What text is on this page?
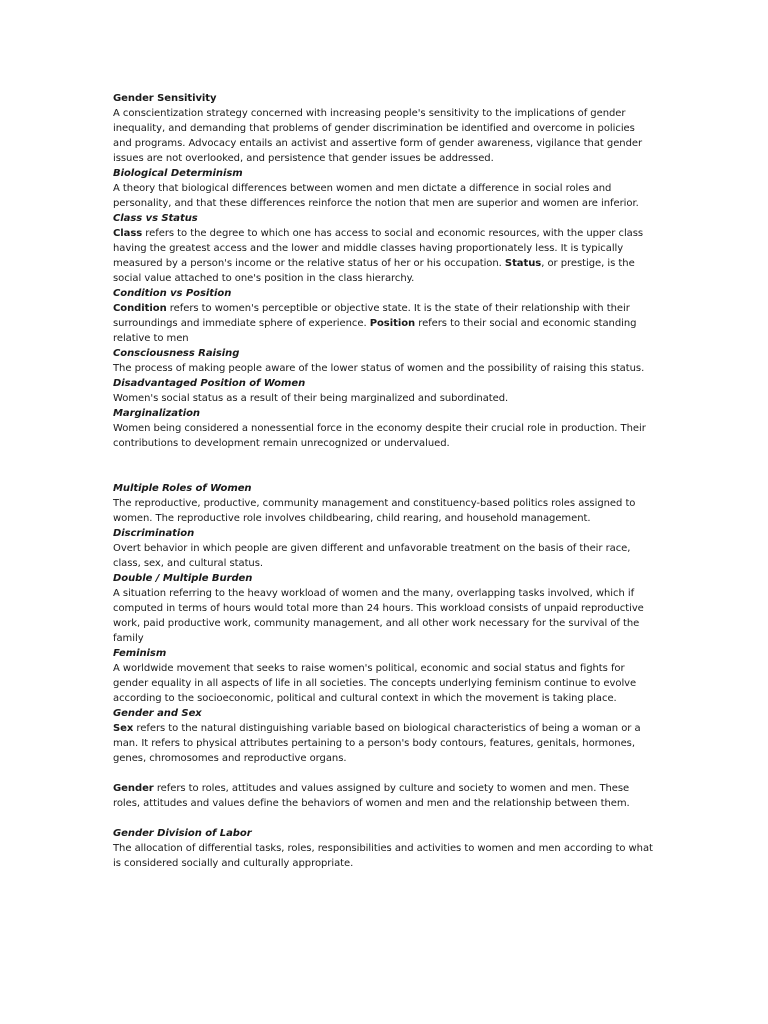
Gender Sensitivity

A conscientization strategy concerned with increasing people's sensitivity to the implications of gender inequality, and demanding that problems of gender discrimination be identified and overcome in policies and programs. Advocacy entails an activist and assertive form of gender awareness, vigilance that gender issues are not overlooked, and persistence that gender issues be addressed.

Biological Determinism

A theory that biological differences between women and men dictate a difference in social roles and personality, and that these differences reinforce the notion that men are superior and women are inferior.

Class vs Status

Class refers to the degree to which one has access to social and economic resources, with the upper class having the greatest access and the lower and middle classes having proportionately less. It is typically measured by a person's income or the relative status of her or his occupation. Status, or prestige, is the social value attached to one's position in the class hierarchy.

Condition vs Position

Condition refers to women's perceptible or objective state. It is the state of their relationship with their surroundings and immediate sphere of experience. Position refers to their social and economic standing relative to men

Consciousness Raising

The process of making people aware of the lower status of women and the possibility of raising this status.

Disadvantaged Position of Women

Women's social status as a result of their being marginalized and subordinated.

Marginalization

Women being considered a nonessential force in the economy despite their crucial role in production. Their contributions to development remain unrecognized or undervalued.

Multiple Roles of Women

The reproductive, productive, community management and constituency-based politics roles assigned to women. The reproductive role involves childbearing, child rearing, and household management.

Discrimination

Overt behavior in which people are given different and unfavorable treatment on the basis of their race, class, sex, and cultural status.

Double / Multiple Burden

A situation referring to the heavy workload of women and the many, overlapping tasks involved, which if computed in terms of hours would total more than 24 hours. This workload consists of unpaid reproductive work, paid productive work, community management, and all other work necessary for the survival of the family

Feminism

A worldwide movement that seeks to raise women's political, economic and social status and fights for gender equality in all aspects of life in all societies. The concepts underlying feminism continue to evolve according to the socioeconomic, political and cultural context in which the movement is taking place.

Gender and Sex

Sex refers to the natural distinguishing variable based on biological characteristics of being a woman or a man. It refers to physical attributes pertaining to a person's body contours, features, genitals, hormones, genes, chromosomes and reproductive organs.

Gender refers to roles, attitudes and values assigned by culture and society to women and men. These roles, attitudes and values define the behaviors of women and men and the relationship between them.

Gender Division of Labor

The allocation of differential tasks, roles, responsibilities and activities to women and men according to what is considered socially and culturally appropriate.
